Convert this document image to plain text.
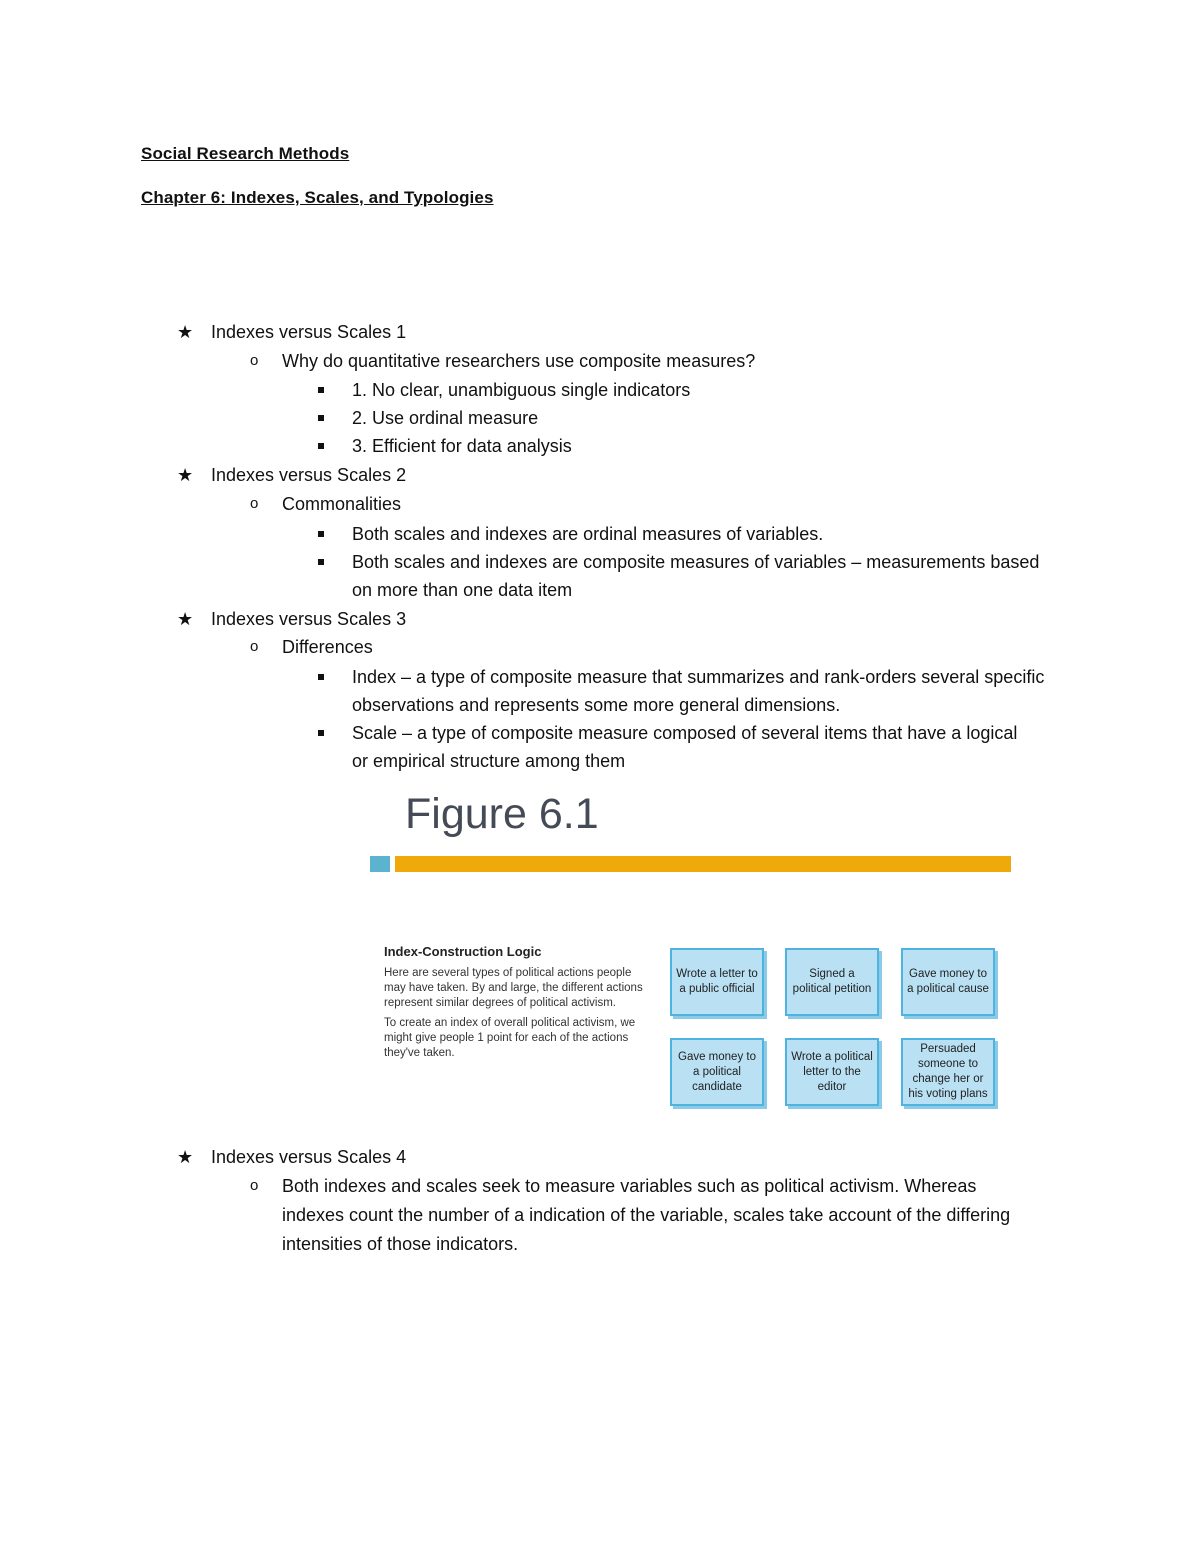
Social Research Methods
Chapter 6: Indexes, Scales, and Typologies
★ Indexes versus Scales 1
o Why do quantitative researchers use composite measures?
1. No clear, unambiguous single indicators
2. Use ordinal measure
3. Efficient for data analysis
★ Indexes versus Scales 2
o Commonalities
Both scales and indexes are ordinal measures of variables.
Both scales and indexes are composite measures of variables – measurements based on more than one data item
★ Indexes versus Scales 3
o Differences
Index – a type of composite measure that summarizes and rank-orders several specific observations and represents some more general dimensions.
Scale – a type of composite measure composed of several items that have a logical or empirical structure among them
Figure 6.1
Index-Construction Logic
Here are several types of political actions people may have taken. By and large, the different actions represent similar degrees of political activism.
To create an index of overall political activism, we might give people 1 point for each of the actions they've taken.
Wrote a letter to a public official
Signed a political petition
Gave money to a political cause
Gave money to a political candidate
Wrote a political letter to the editor
Persuaded someone to change her or his voting plans
★ Indexes versus Scales 4
o Both indexes and scales seek to measure variables such as political activism. Whereas indexes count the number of a indication of the variable, scales take account of the differing intensities of those indicators.
